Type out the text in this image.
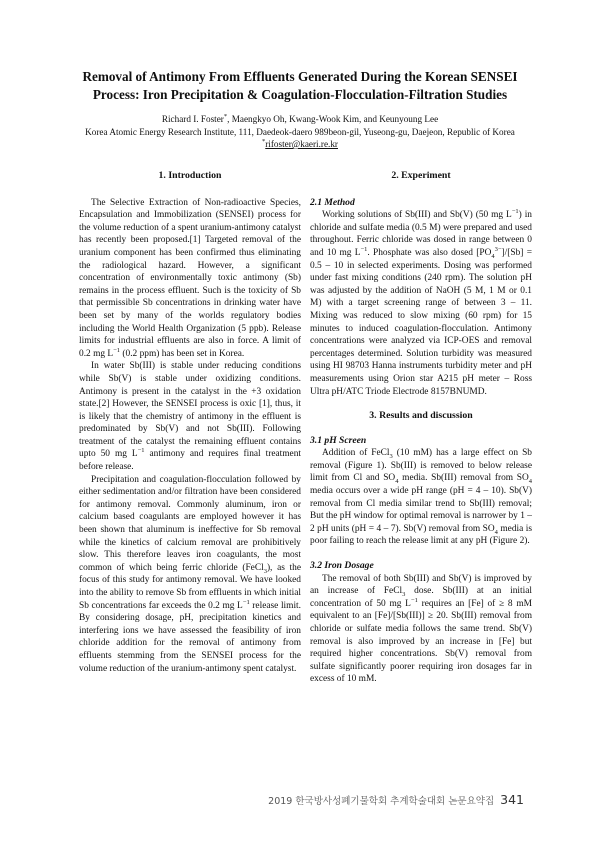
Removal of Antimony From Effluents Generated During the Korean SENSEI
Process: Iron Precipitation & Coagulation-Flocculation-Filtration Studies
Richard I. Foster*, Maengkyo Oh, Kwang-Wook Kim, and Keunyoung Lee
Korea Atomic Energy Research Institute, 111, Daedeok-daero 989beon-gil, Yuseong-gu, Daejeon, Republic of Korea
*rifoster@kaeri.re.kr
1. Introduction

The Selective Extraction of Non-radioactive Species, Encapsulation and Immobilization (SENSEI) process for the volume reduction of a spent uranium-antimony catalyst has recently been proposed.[1] Targeted removal of the uranium component has been confirmed thus eliminating the radiological hazard. However, a significant concentration of environmentally toxic antimony (Sb) remains in the process effluent. Such is the toxicity of Sb that permissible Sb concentrations in drinking water have been set by many of the worlds regulatory bodies including the World Health Organization (5 ppb). Release limits for industrial effluents are also in force. A limit of 0.2 mg $L^{-1}$ (0.2 ppm) has been set in Korea.

In water Sb(III) is stable under reducing conditions while Sb(V) is stable under oxidizing conditions. Antimony is present in the catalyst in the +3 oxidation state.[2] However, the SENSEI process is oxic [1], thus, it is likely that the chemistry of antimony in the effluent is predominated by Sb(V) and not Sb(III). Following treatment of the catalyst the remaining effluent contains upto 50 mg $L^{-1}$ antimony and requires final treatment before release.

Precipitation and coagulation-flocculation followed by either sedimentation and/or filtration have been considered for antimony removal. Commonly aluminum, iron or calcium based coagulants are employed however it has been shown that aluminum is ineffective for Sb removal while the kinetics of calcium removal are prohibitively slow. This therefore leaves iron coagulants, the most common of which being ferric chloride (FeCl$_3$), as the focus of this study for antimony removal. We have looked into the ability to remove Sb from effluents in which initial Sb concentrations far exceeds the 0.2 mg $L^{-1}$ release limit. By considering dosage, pH, precipitation kinetics and interfering ions we have assessed the feasibility of iron chloride addition for the removal of antimony from effluents stemming from the SENSEI process for the volume reduction of the uranium-antimony spent catalyst.

2. Experiment
2.1 Method

Working solutions of Sb(III) and Sb(V) (50 mg $L^{-1}$) in chloride and sulfate media (0.5 M) were prepared and used throughout. Ferric chloride was dosed in range between 0 and 10 mg $L^{-1}$. Phosphate was also dosed $[PO_4^{3-}]/[Sb] = 0.5 - 10$ in selected experiments. Dosing was performed under fast mixing conditions (240 rpm). The solution pH was adjusted by the addition of NaOH (5 M, 1 M or 0.1 M) with a target screening range of between 3 – 11. Mixing was reduced to slow mixing (60 rpm) for 15 minutes to induced coagulation-flocculation. Antimony concentrations were analyzed via ICP-OES and removal percentages determined. Solution turbidity was measured using HI 98703 Hanna instruments turbidity meter and pH measurements using Orion star A215 pH meter – Ross Ultra pH/ATC Triode Electrode 8157BNUMD.

3. Results and discussion
3.1 pH Screen

Addition of FeCl$_3$ (10 mM) has a large effect on Sb removal (Figure 1). Sb(III) is removed to below release limit from Cl and $SO_4$ media. Sb(III) removal from $SO_4$ media occurs over a wide pH range (pH = 4 – 10). Sb(V) removal from Cl media similar trend to Sb(III) removal; But the pH window for optimal removal is narrower by 1 – 2 pH units (pH = 4 – 7). Sb(V) removal from $SO_4$ media is poor failing to reach the release limit at any pH (Figure 2).

3.2 Iron Dosage

The removal of both Sb(III) and Sb(V) is improved by an increase of FeCl$_3$ dose. Sb(III) at an initial concentration of 50 mg $L^{-1}$ requires an [Fe] of ≥ 8 mM equivalent to an [Fe]/[Sb(III)] ≥ 20. Sb(III) removal from chloride or sulfate media follows the same trend. Sb(V) removal is also improved by an increase in [Fe] but required higher concentrations. Sb(V) removal from sulfate significantly poorer requiring iron dosages far in excess of 10 mM.

2019 한국방사성폐기물학회 추계학술대회 논문요약집 341
